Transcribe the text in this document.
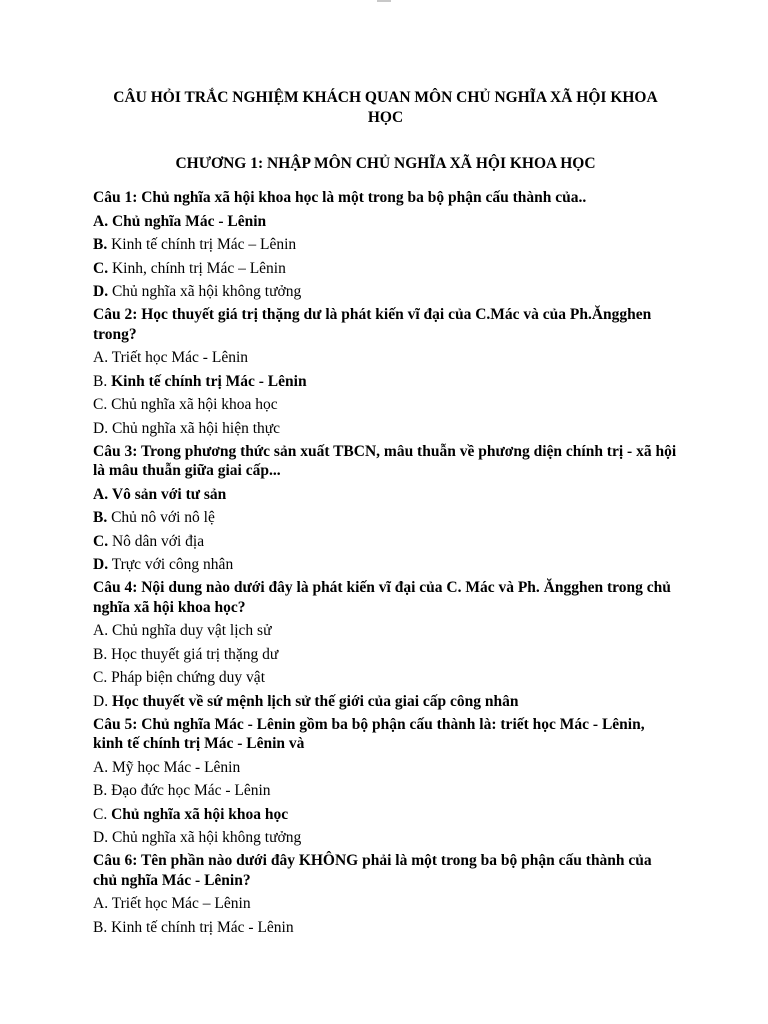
CÂU HỎI TRẮC NGHIỆM KHÁCH QUAN MÔN CHỦ NGHĨA XÃ HỘI KHOA HỌC
CHƯƠNG 1: NHẬP MÔN CHỦ NGHĨA XÃ HỘI KHOA HỌC

Câu 1: Chủ nghĩa xã hội khoa học là một trong ba bộ phận cấu thành của..

A. Chủ nghĩa Mác - Lênin

B. Kinh tế chính trị Mác – Lênin

C. Kinh, chính trị Mác – Lênin

D. Chủ nghĩa xã hội không tưởng

Câu 2: Học thuyết giá trị thặng dư là phát kiến vĩ đại của C.Mác và của Ph.Ăngghen trong?

A. Triết học Mác - Lênin

B. Kinh tế chính trị Mác - Lênin

C. Chủ nghĩa xã hội khoa học

D. Chủ nghĩa xã hội hiện thực

Câu 3: Trong phương thức sản xuất TBCN, mâu thuẫn về phương diện chính trị - xã hội là mâu thuẫn giữa giai cấp...

A. Vô sản với tư sản

B. Chủ nô với nô lệ

C. Nô dân với địa

D. Trực với công nhân

Câu 4: Nội dung nào dưới đây là phát kiến vĩ đại của C. Mác và Ph. Ăngghen trong chủ nghĩa xã hội khoa học?

A. Chủ nghĩa duy vật lịch sử

B. Học thuyết giá trị thặng dư

C. Pháp biện chứng duy vật

D. Học thuyết về sứ mệnh lịch sử thế giới của giai cấp công nhân

Câu 5: Chủ nghĩa Mác - Lênin gồm ba bộ phận cấu thành là: triết học Mác - Lênin, kinh tế chính trị Mác - Lênin và

A. Mỹ học Mác - Lênin

B. Đạo đức học Mác - Lênin

C. Chủ nghĩa xã hội khoa học

D. Chủ nghĩa xã hội không tưởng

Câu 6: Tên phần nào dưới đây KHÔNG phải là một trong ba bộ phận cấu thành của chủ nghĩa Mác - Lênin?

A. Triết học Mác – Lênin

B. Kinh tế chính trị Mác - Lênin
